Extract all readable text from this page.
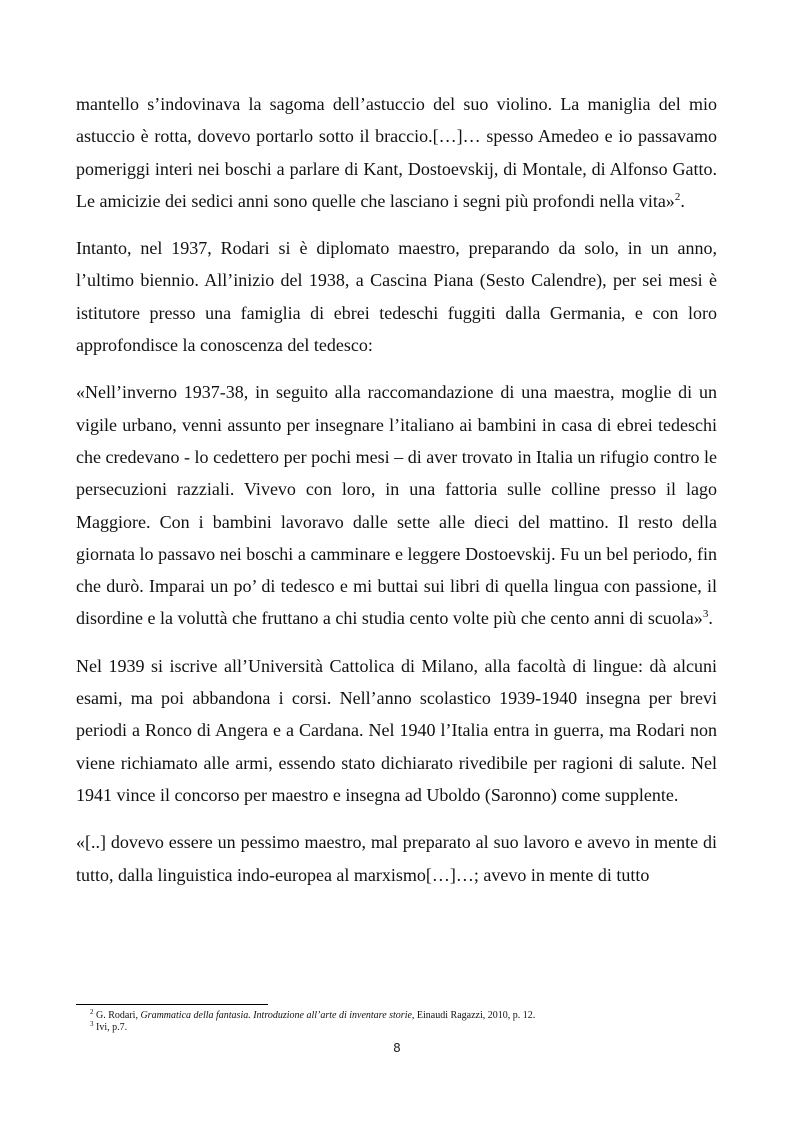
mantello s’indovinava la sagoma dell’astuccio del suo violino. La maniglia del mio astuccio è rotta, dovevo portarlo sotto il braccio.[…]… spesso Amedeo e io passavamo pomeriggi interi nei boschi a parlare di Kant, Dostoevskij, di Montale, di Alfonso Gatto. Le amicizie dei sedici anni sono quelle che lasciano i segni più profondi nella vita»$^2$.

Intanto, nel 1937, Rodari si è diplomato maestro, preparando da solo, in un anno, l’ultimo biennio. All’inizio del 1938, a Cascina Piana (Sesto Calendre), per sei mesi è istitutore presso una famiglia di ebrei tedeschi fuggiti dalla Germania, e con loro approfondisce la conoscenza del tedesco:

«Nell’inverno 1937-38, in seguito alla raccomandazione di una maestra, moglie di un vigile urbano, venni assunto per insegnare l’italiano ai bambini in casa di ebrei tedeschi che credevano - lo cedettero per pochi mesi – di aver trovato in Italia un rifugio contro le persecuzioni razziali. Vivevo con loro, in una fattoria sulle colline presso il lago Maggiore. Con i bambini lavoravo dalle sette alle dieci del mattino. Il resto della giornata lo passavo nei boschi a camminare e leggere Dostoevskij. Fu un bel periodo, fin che durò. Imparai un po’ di tedesco e mi buttai sui libri di quella lingua con passione, il disordine e la voluttà che fruttano a chi studia cento volte più che cento anni di scuola»$^3$.

Nel 1939 si iscrive all’Università Cattolica di Milano, alla facoltà di lingue: dà alcuni esami, ma poi abbandona i corsi. Nell’anno scolastico 1939-1940 insegna per brevi periodi a Ronco di Angera e a Cardana. Nel 1940 l’Italia entra in guerra, ma Rodari non viene richiamato alle armi, essendo stato dichiarato rivedibile per ragioni di salute. Nel 1941 vince il concorso per maestro e insegna ad Uboldo (Saronno) come supplente.

«[..] dovevo essere un pessimo maestro, mal preparato al suo lavoro e avevo in mente di tutto, dalla linguistica indo-europea al marxismo[…]…; avevo in mente di tutto

$^2$ G. Rodari, Grammatica della fantasia. Introduzione all’arte di inventare storie, Einaudi Ragazzi, 2010, p. 12.

$^3$ Ivi, p.7.

8
